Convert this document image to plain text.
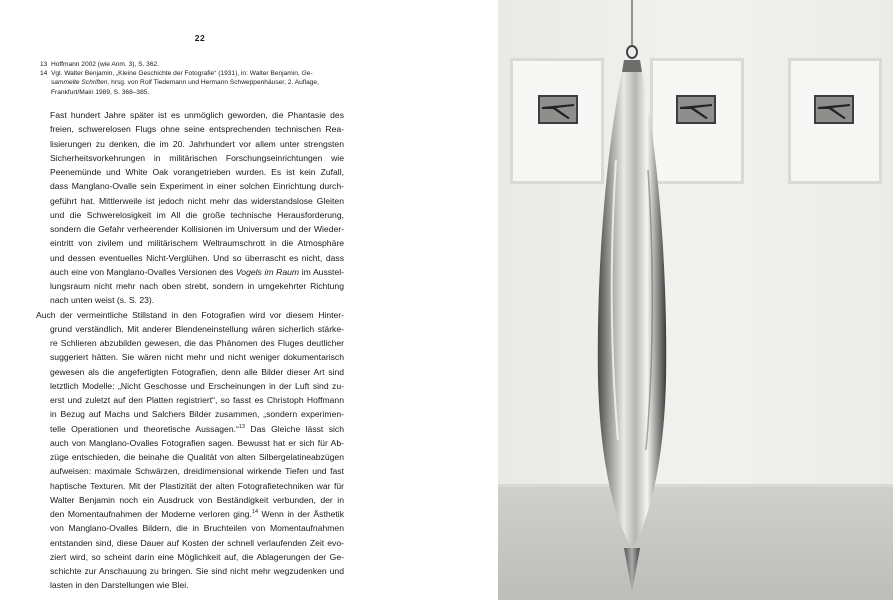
22
13 Hoffmann 2002 (wie Anm. 3), S. 362.
14 Vgl. Walter Benjamin, „Kleine Geschichte der Fotografie“ (1931), in: Walter Benjamin, Ge-
sammelte Schriften, hrsg. von Rolf Tiedemann und Hermann Schweppenhäuser, 2. Auflage,
Frankfurt/Main 1989, S. 368–385.
Fast hundert Jahre später ist es unmöglich geworden, die Phantasie des
freien, schwerelosen Flugs ohne seine entsprechenden technischen Rea-
lisierungen zu denken, die im 20. Jahrhundert vor allem unter strengsten
Sicherheitsvorkehrungen in militärischen Forschungseinrichtungen wie
Peenemünde und White Oak vorangetrieben wurden. Es ist kein Zufall,
dass Manglano-Ovalle sein Experiment in einer solchen Einrichtung durch-
geführt hat. Mittlerweile ist jedoch nicht mehr das widerstandslose Gleiten
und die Schwerelosigkeit im All die große technische Herausforderung,
sondern die Gefahr verheerender Kollisionen im Universum und der Wieder-
eintritt von zivilem und militärischem Weltraumschrott in die Atmosphäre
und dessen eventuelles Nicht-Verglühen. Und so überrascht es nicht, dass
auch eine von Manglano-Ovalles Versionen des Vogels im Raum im Ausstel-
lungsraum nicht mehr nach oben strebt, sondern in umgekehrter Richtung
nach unten weist (s. S. 23).
Auch der vermeintliche Stillstand in den Fotografien wird vor diesem Hinter-
grund verständlich. Mit anderer Blendeneinstellung wären sicherlich stärke-
re Schlieren abzubilden gewesen, die das Phänomen des Fluges deutlicher
suggeriert hätten. Sie wären nicht mehr und nicht weniger dokumentarisch
gewesen als die angefertigten Fotografien, denn alle Bilder dieser Art sind
letztlich Modelle: „Nicht Geschosse und Erscheinungen in der Luft sind zu-
erst und zuletzt auf den Platten registriert“, so fasst es Christoph Hoffmann
in Bezug auf Machs und Salchers Bilder zusammen, „sondern experimen-
telle Operationen und theoretische Aussagen.“$^{13}$ Das Gleiche lässt sich
auch von Manglano-Ovalles Fotografien sagen. Bewusst hat er sich für Ab-
züge entschieden, die beinahe die Qualität von alten Silbergelatineabzügen
aufweisen: maximale Schwärzen, dreidimensional wirkende Tiefen und fast
haptische Texturen. Mit der Plastizität der alten Fotografietechniken war für
Walter Benjamin noch ein Ausdruck von Beständigkeit verbunden, der in
den Momentaufnahmen der Moderne verloren ging.$^{14}$ Wenn in der Ästhetik
von Manglano-Ovalles Bildern, die in Bruchteilen von Momentaufnahmen
entstanden sind, diese Dauer auf Kosten der schnell verlaufenden Zeit evo-
ziert wird, so scheint darin eine Möglichkeit auf, die Ablagerungen der Ge-
schichte zur Anschauung zu bringen. Sie sind nicht mehr wegzudenken und
lasten in den Darstellungen wie Blei.
